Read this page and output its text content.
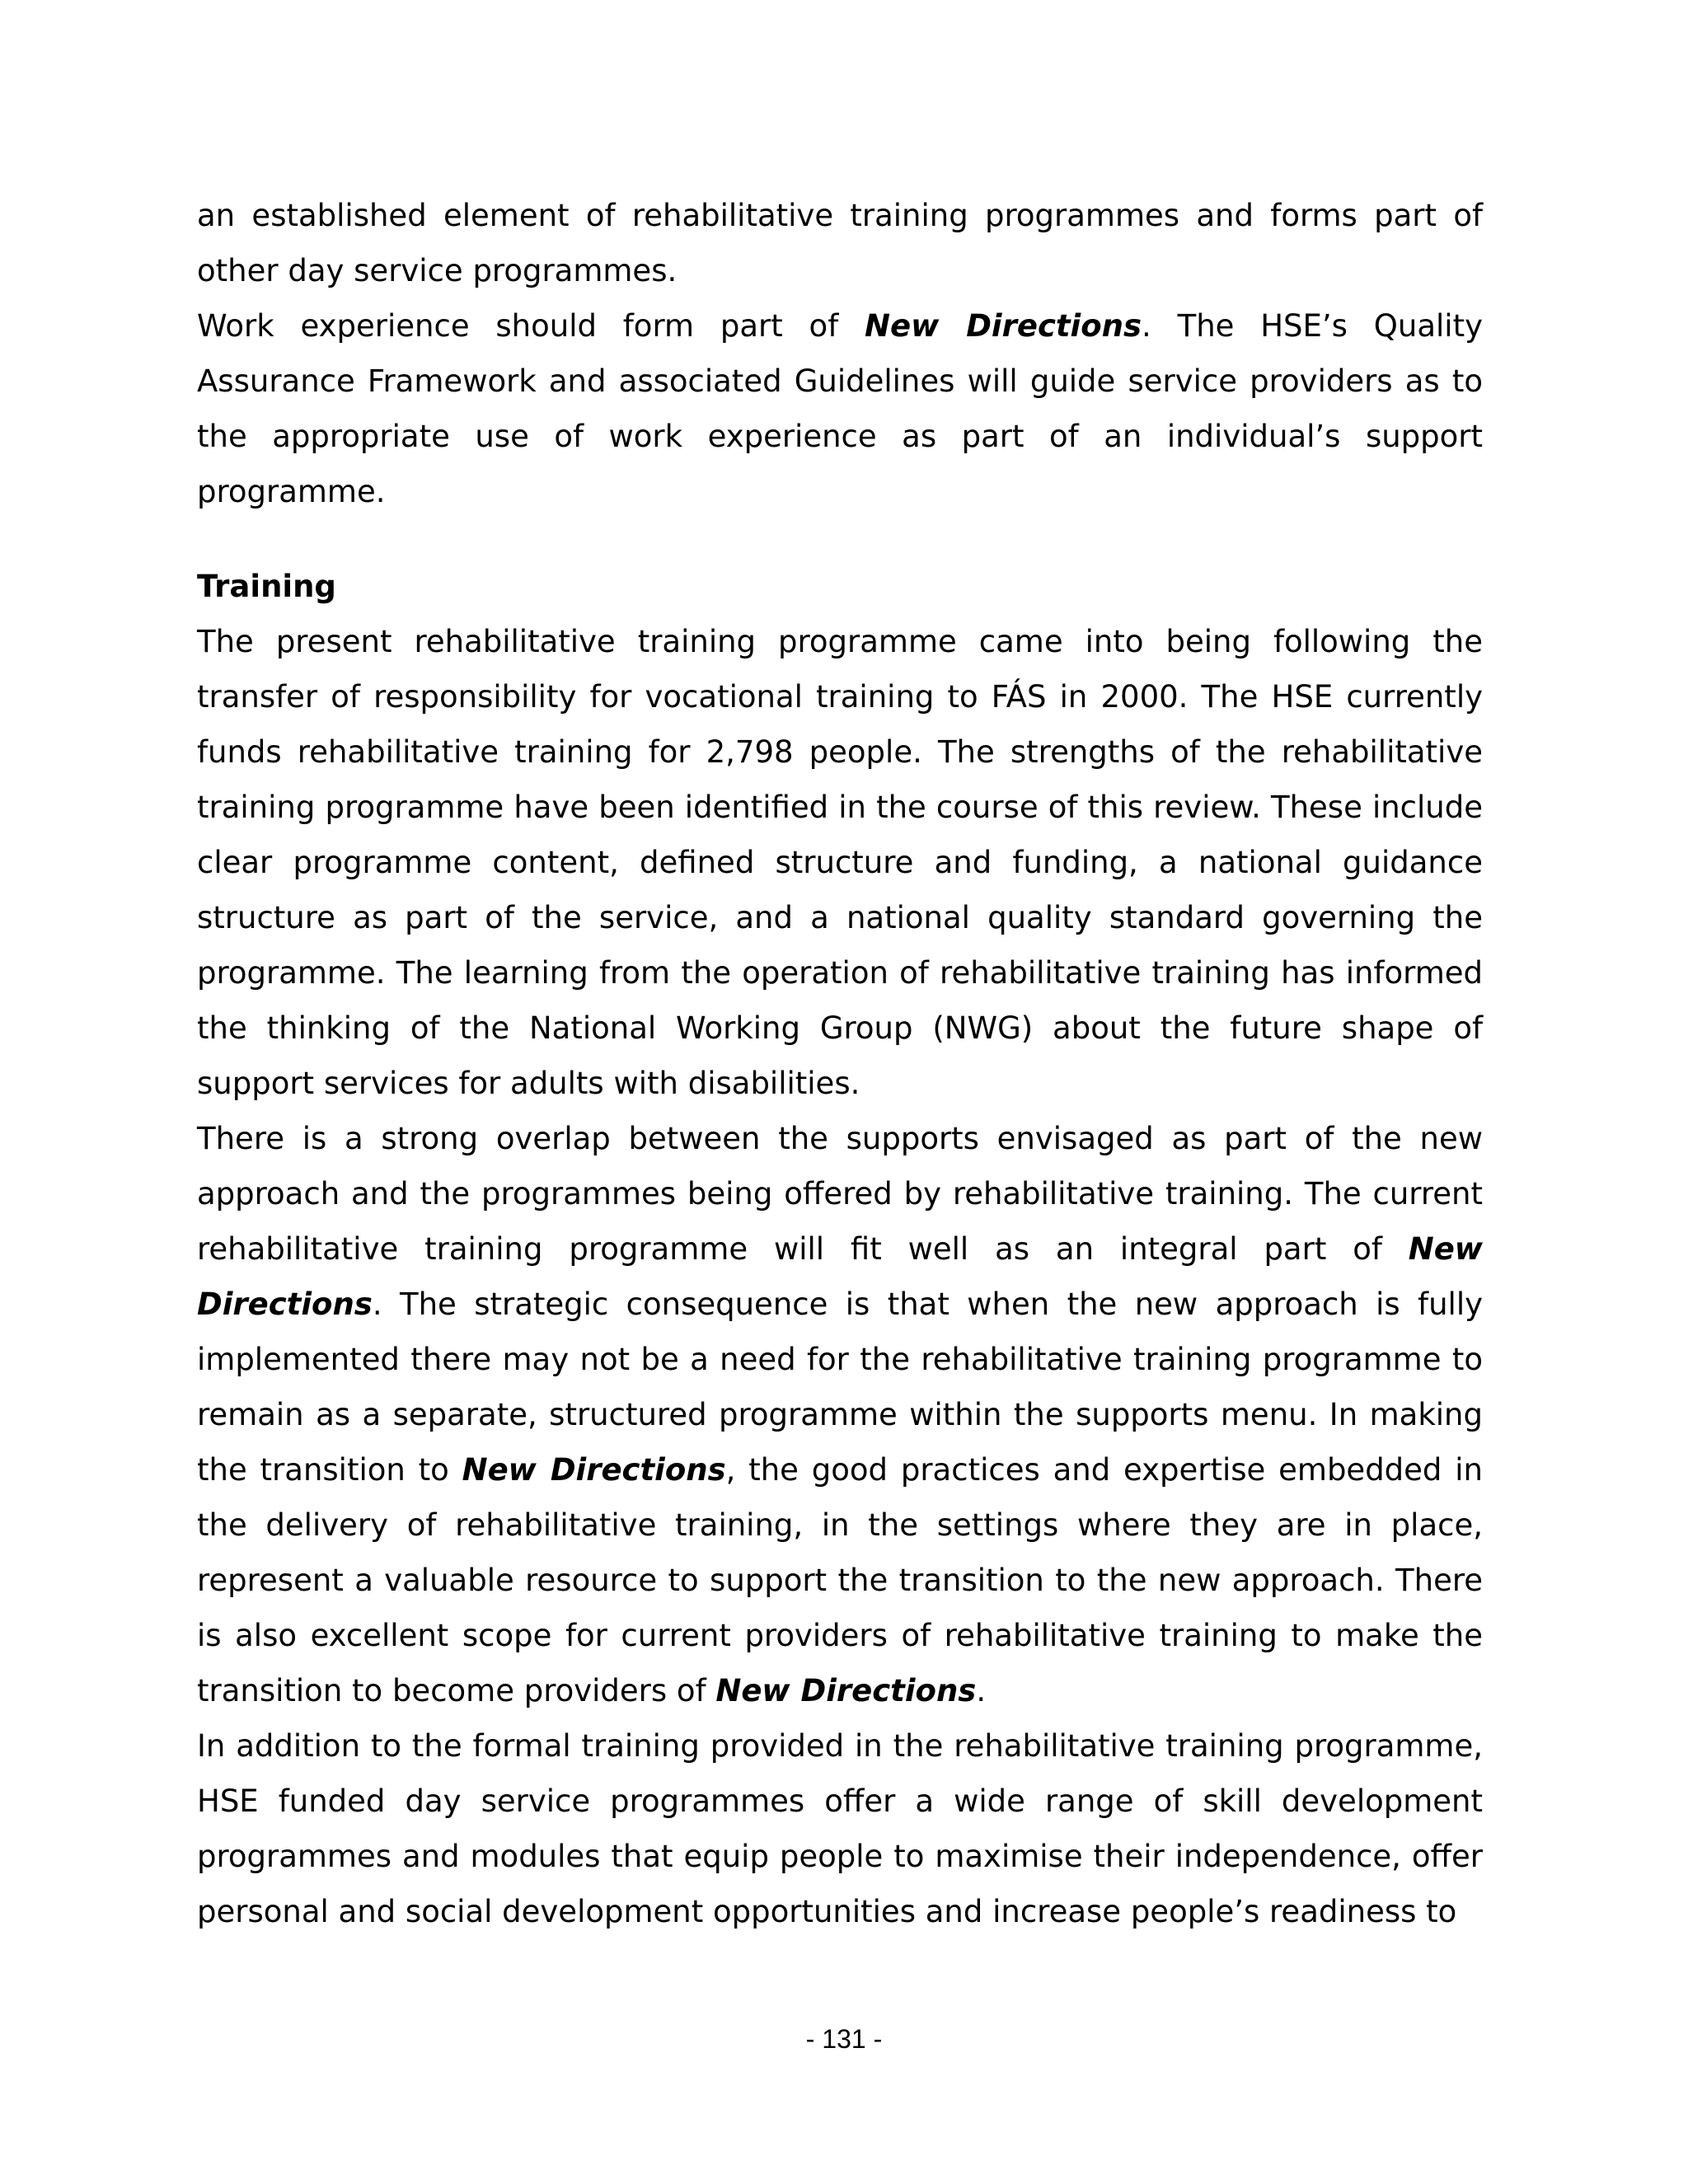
an established element of rehabilitative training programmes and forms part of other day service programmes.

Work experience should form part of New Directions. The HSE’s Quality Assurance Framework and associated Guidelines will guide service providers as to the appropriate use of work experience as part of an individual’s support programme.

Training

The present rehabilitative training programme came into being following the transfer of responsibility for vocational training to FÁS in 2000. The HSE currently funds rehabilitative training for 2,798 people. The strengths of the rehabilitative training programme have been identified in the course of this review. These include clear programme content, defined structure and funding, a national guidance structure as part of the service, and a national quality standard governing the programme. The learning from the operation of rehabilitative training has informed the thinking of the National Working Group (NWG) about the future shape of support services for adults with disabilities.

There is a strong overlap between the supports envisaged as part of the new approach and the programmes being offered by rehabilitative training. The current rehabilitative training programme will fit well as an integral part of New Directions. The strategic consequence is that when the new approach is fully implemented there may not be a need for the rehabilitative training programme to remain as a separate, structured programme within the supports menu. In making the transition to New Directions, the good practices and expertise embedded in the delivery of rehabilitative training, in the settings where they are in place, represent a valuable resource to support the transition to the new approach. There is also excellent scope for current providers of rehabilitative training to make the transition to become providers of New Directions.

In addition to the formal training provided in the rehabilitative training programme, HSE funded day service programmes offer a wide range of skill development programmes and modules that equip people to maximise their independence, offer personal and social development opportunities and increase people’s readiness to

- 131 -
